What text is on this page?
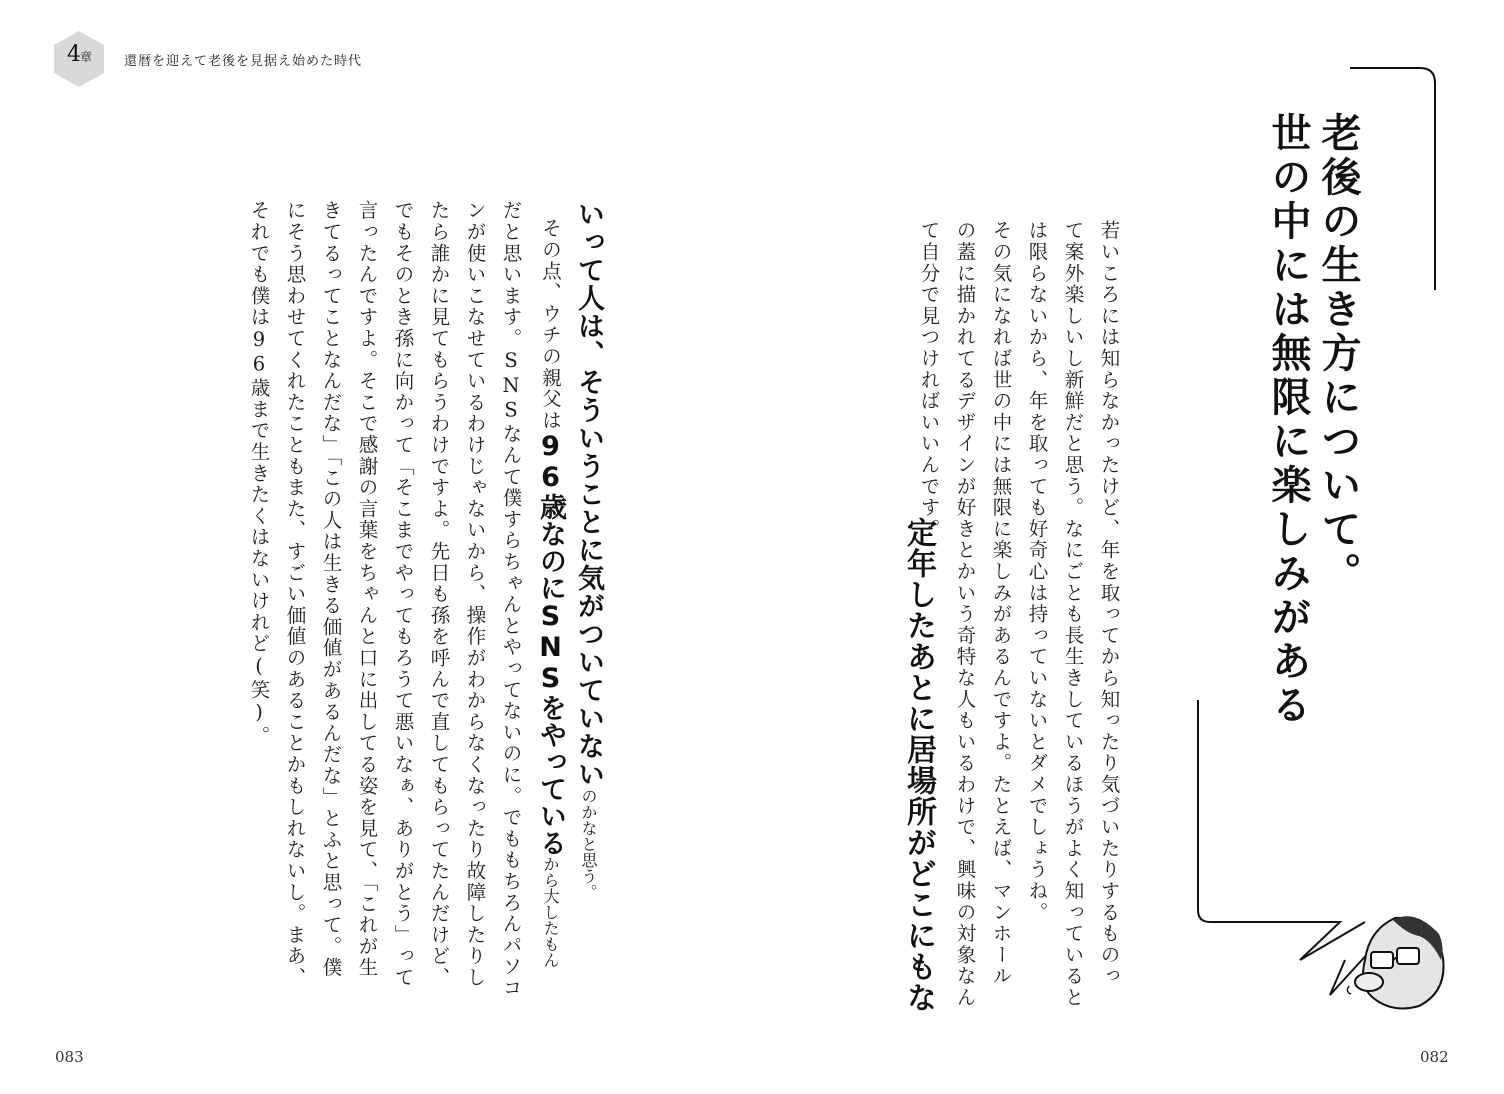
4章	還暦を迎えて老後を見据え始めた時代
老後の生き方について。
世の中には無限に楽しみがある
若いころには知らなかったけど、年を取ってから知ったり気づいたりするものっ
て案外楽しいし新鮮だと思う。なにごとも長生きしているほうがよく知っていると
は限らないから、年を取っても好奇心は持っていないとダメでしょうね。
その気になれば世の中には無限に楽しみがあるんですよ。たとえば、マンホール
の蓋に描かれてるデザインが好きとかいう奇特な人もいるわけで、興味の対象なん
て自分で見つければいいんです。
定年したあとに居場所がどこにもな
082
いって人は、そういうことに気がついていないのかなと思う。
その点、ウチの親父は96歳なのにSNSをやっているから大したもん
だと思います。SNSなんて僕すらちゃんとやってないのに。でももちろんパソコ
ンが使いこなせているわけじゃないから、操作がわからなくなったり故障したりし
たら誰かに見てもらうわけですよ。先日も孫を呼んで直してもらってたんだけど、
でもそのとき孫に向かって「そこまでやってもろうて悪いなぁ、ありがとう」って
言ったんですよ。そこで感謝の言葉をちゃんと口に出してる姿を見て、「これが生
きてるってことなんだな」「この人は生きる価値があるんだな」とふと思って。僕
にそう思わせてくれたこともまた、すごい価値のあることかもしれないし。まあ、
それでも僕は96歳まで生きたくはないけれど(笑)。
083
